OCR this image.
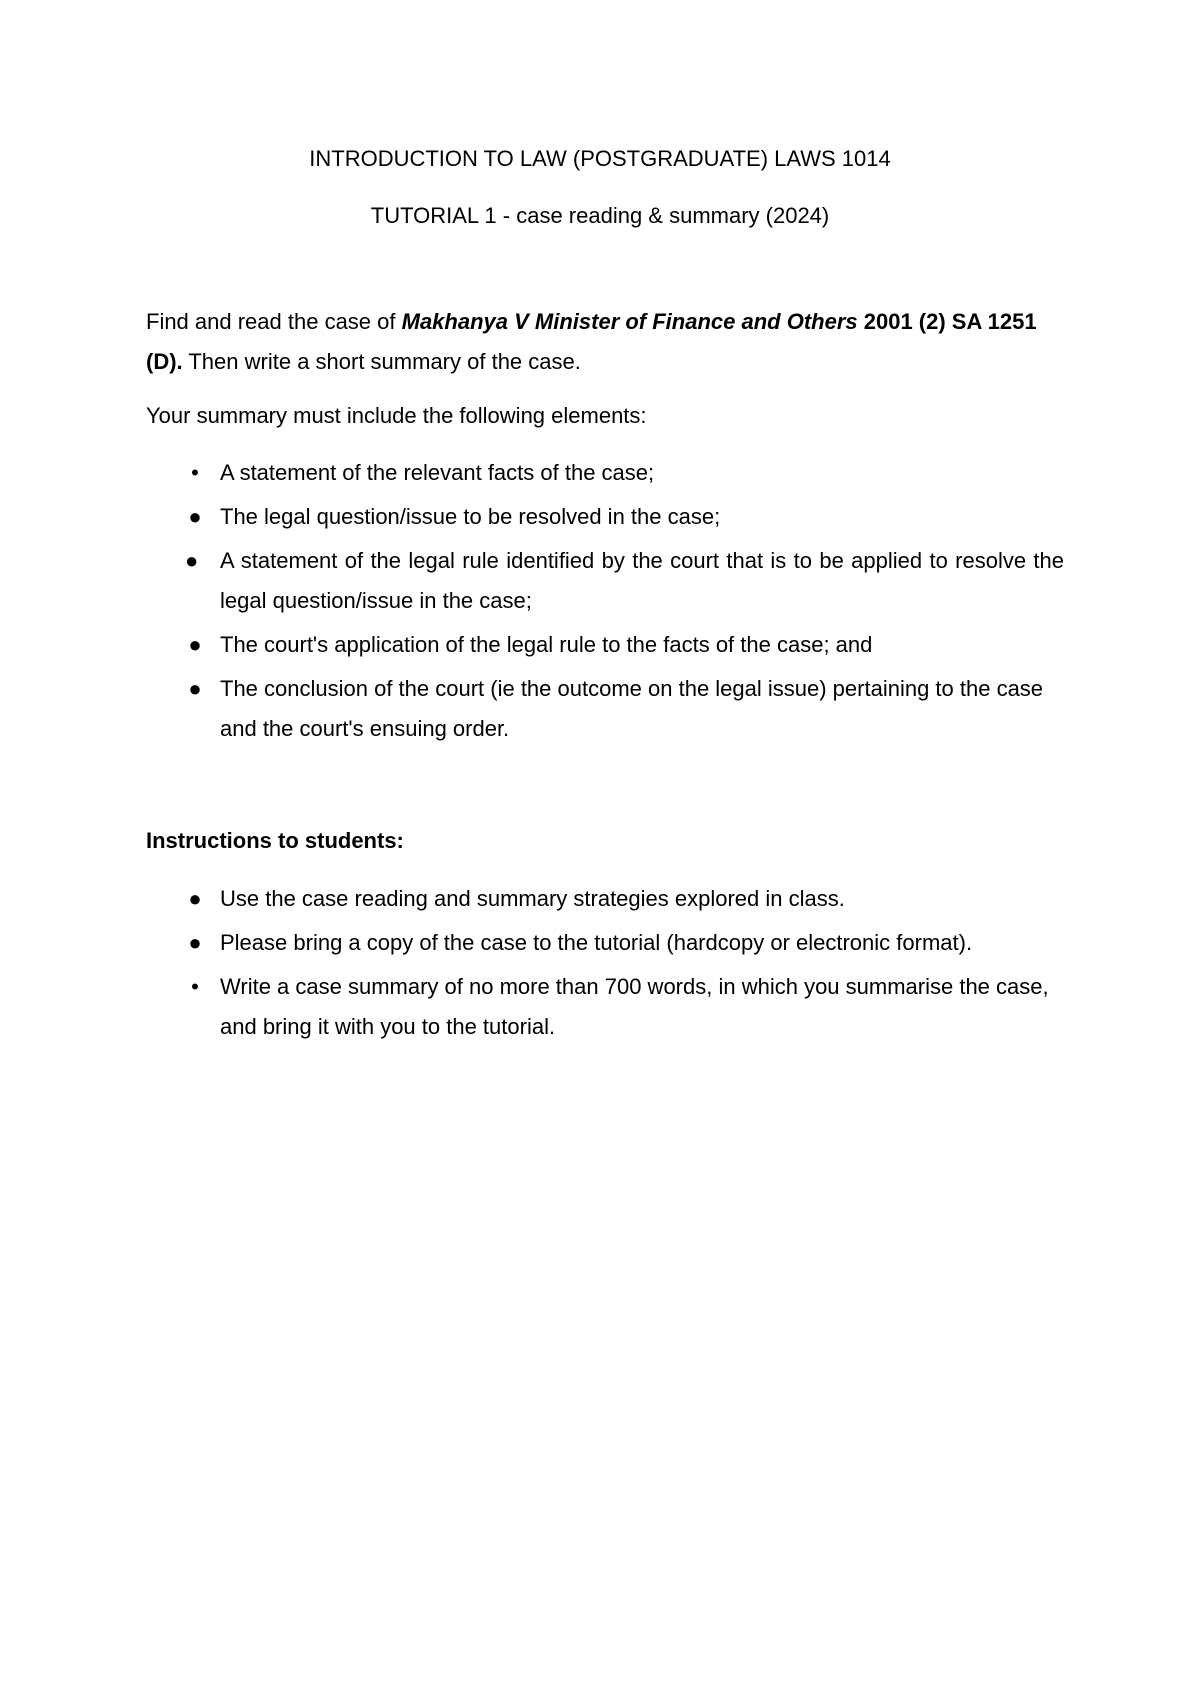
INTRODUCTION TO LAW (POSTGRADUATE) LAWS 1014
TUTORIAL 1 - case reading & summary (2024)
Find and read the case of Makhanya V Minister of Finance and Others 2001 (2) SA 1251 (D). Then write a short summary of the case.
Your summary must include the following elements:
• A statement of the relevant facts of the case;
● The legal question/issue to be resolved in the case;
● A statement of the legal rule identified by the court that is to be applied to resolve the legal question/issue in the case;
● The court's application of the legal rule to the facts of the case; and
● The conclusion of the court (ie the outcome on the legal issue) pertaining to the case and the court's ensuing order.
Instructions to students:
● Use the case reading and summary strategies explored in class.
● Please bring a copy of the case to the tutorial (hardcopy or electronic format).
• Write a case summary of no more than 700 words, in which you summarise the case, and bring it with you to the tutorial.
